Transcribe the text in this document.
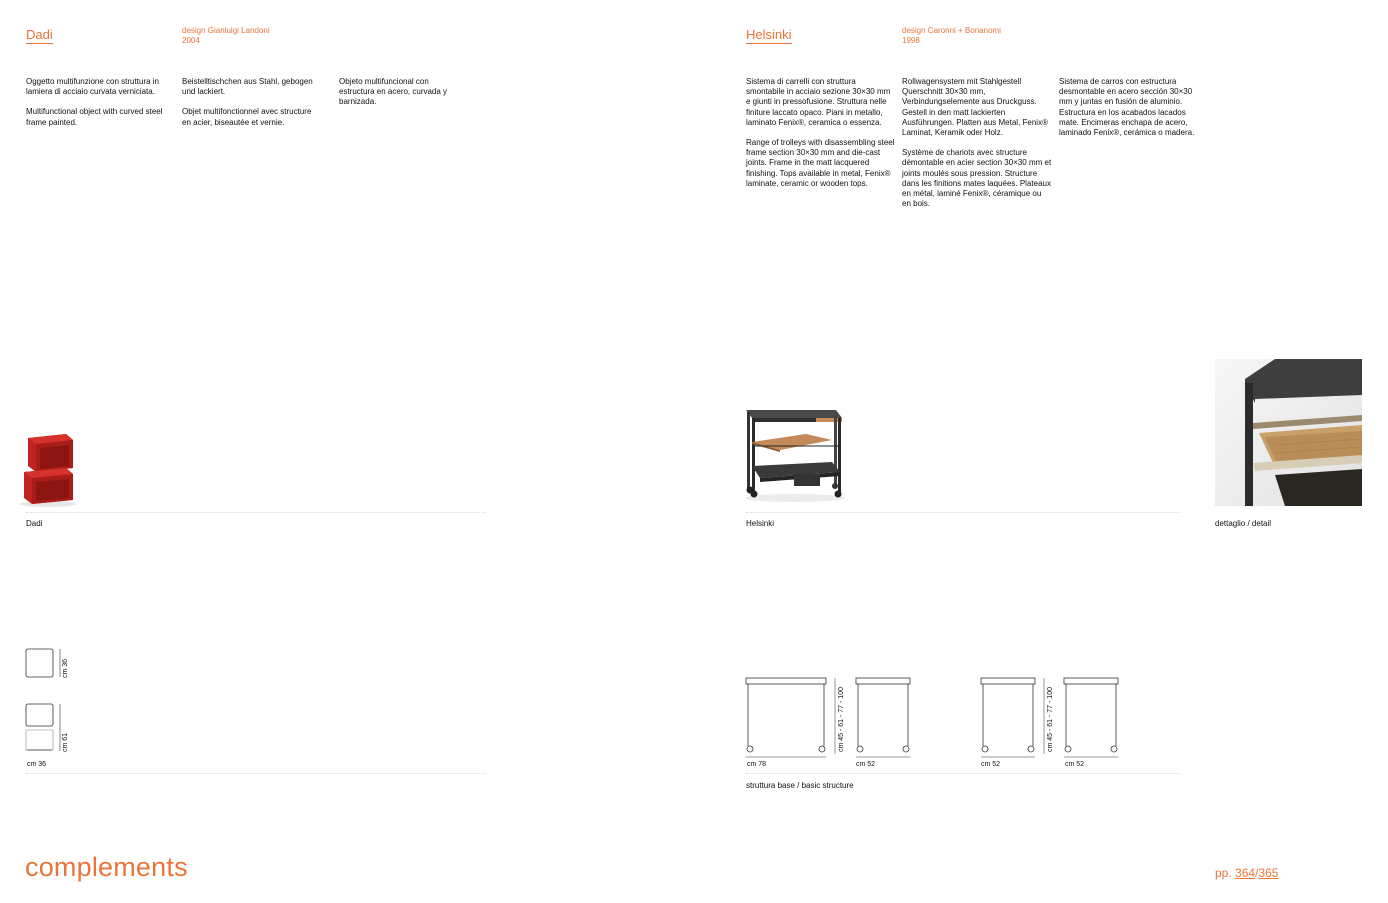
Dadi	design Gianluigi Landoni
2004

Oggetto multifunzione con struttura in lamiera di acciaio curvata verniciata.

Multifunctional object with curved steel frame painted.

Beistelltischchen aus Stahl, gebogen und lackiert.

Objet multifonctionnel avec structure en acier, biseautée et vernie.

Objeto multifuncional con estructura en acero, curvada y barnizada.

Dadi
cm 36
cm 61
cm 36
complements
Helsinki	design Caronni + Bonanomi
1998

Sistema di carrelli con struttura smontabile in acciaio sezione 30×30 mm e giunti in pressofusione. Struttura nelle finiture laccato opaco. Piani in metallo, laminato Fenix®, ceramica o essenza.

Range of trolleys with disassembling steel frame section 30×30 mm and die-cast joints. Frame in the matt lacquered finishing. Tops available in metal, Fenix® laminate, ceramic or wooden tops.

Rollwagensystem mit Stahlgestell Querschnitt 30×30 mm, Verbindungselemente aus Druckguss. Gestell in den matt lackierten Ausführungen. Platten aus Metal, Fenix® Laminat, Keramik oder Holz.

Système de chariots avec structure démontable en acier section 30×30 mm et joints moulés sous pression. Structure dans les finitions mates laquées. Plateaux en métal, laminé Fenix®, céramique ou en bois.

Sistema de carros con estructura desmontable en acero sección 30×30 mm y juntas en fusión de aluminio. Estructura en los acabados lacados mate. Encimeras enchapa de acero, laminado Fenix®, cerámica o madera.

Helsinki	dettaglio / detail
cm 45 - 61 - 77 - 100	cm 45 - 61 - 77 - 100
cm 78	cm 52	cm 52	cm 52
struttura base / basic structure
pp. 364/365
